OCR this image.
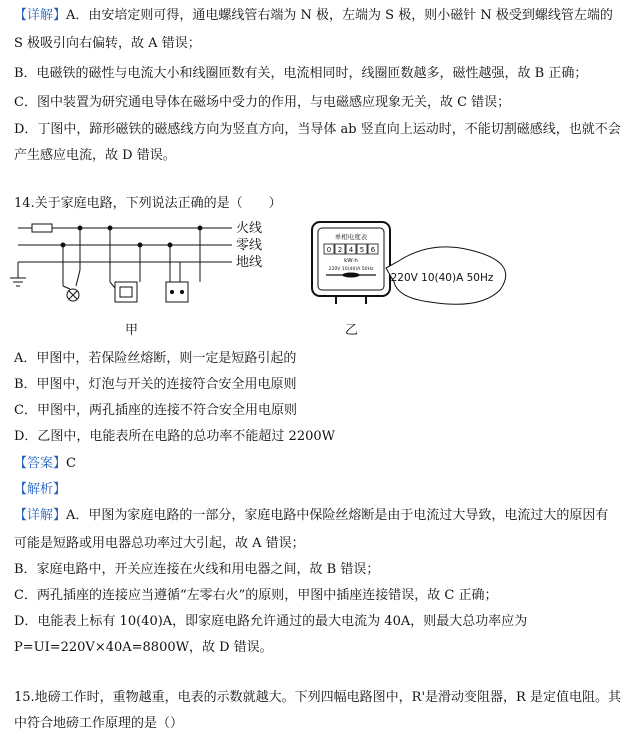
【详解】A．由安培定则可得，通电螺线管右端为 N 极，左端为 S 极，则小磁针 N 极受到螺线管左端的
S 极吸引向右偏转，故 A 错误；
B．电磁铁的磁性与电流大小和线圈匝数有关，电流相同时，线圈匝数越多，磁性越强，故 B 正确；
C．图中装置为研究通电导体在磁场中受力的作用，与电磁感应现象无关，故 C 错误；
D．丁图中，蹄形磁铁的磁感线方向为竖直方向，当导体 ab 竖直向上运动时，不能切割磁感线，也就不会
产生感应电流，故 D 错误。
14.关于家庭电路，下列说法正确的是（　　）
火线
零线
地线
甲
单相电度表
0 2 4 5 6
kW·h
220V 10(40)A 50Hz
220V 10(40)A 50Hz
乙
A．甲图中，若保险丝熔断，则一定是短路引起的
B．甲图中，灯泡与开关的连接符合安全用电原则
C．甲图中，两孔插座的连接不符合安全用电原则
D．乙图中，电能表所在电路的总功率不能超过 2200W
【答案】C
【解析】
【详解】A．甲图为家庭电路的一部分，家庭电路中保险丝熔断是由于电流过大导致，电流过大的原因有
可能是短路或用电器总功率过大引起，故 A 错误；
B．家庭电路中，开关应连接在火线和用电器之间，故 B 错误；
C．两孔插座的连接应当遵循“左零右火”的原则，甲图中插座连接错误，故 C 正确；
D．电能表上标有 10(40)A，即家庭电路允许通过的最大电流为 40A，则最大总功率应为
P=UI=220V×40A=8800W，故 D 错误。
15.地磅工作时，重物越重，电表的示数就越大。下列四幅电路图中，R'是滑动变阻器，R 是定值电阻。其
中符合地磅工作原理的是（）
